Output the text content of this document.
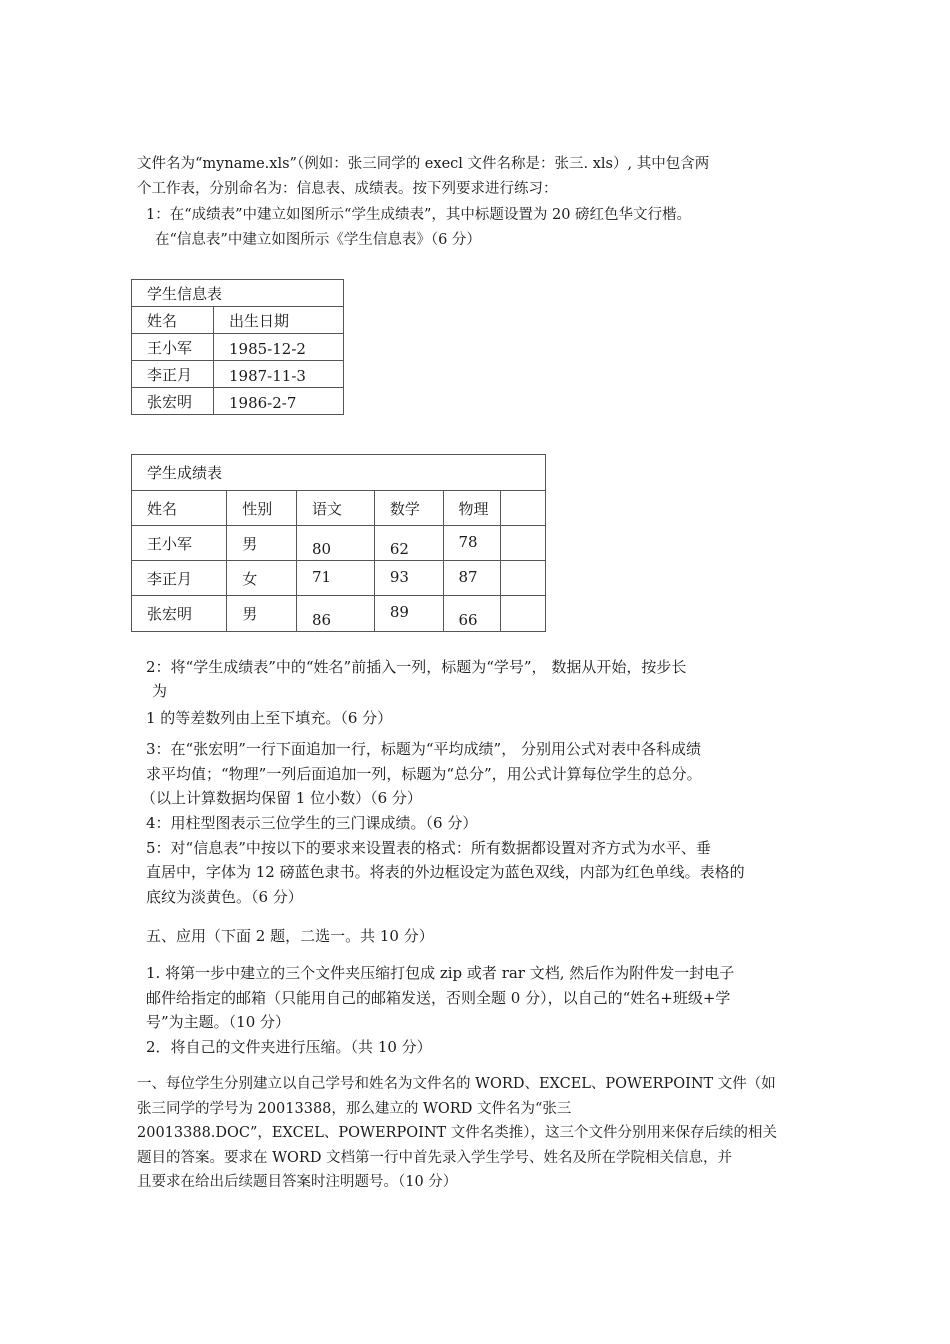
文件名为“myname.xls”（例如：张三同学的 execl 文件名称是：张三. xls）, 其中包含两
个工作表，分别命名为：信息表、成绩表。按下列要求进行练习：
1：在“成绩表”中建立如图所示“学生成绩表”，其中标题设置为 20 磅红色华文行楷。
在“信息表”中建立如图所示《学生信息表》（6 分）
学生信息表	
姓名	出生日期
王小军	1985-12-2
李正月	1987-11-3
张宏明	1986-2-7
学生成绩表					
姓名	性别	语文	数学	物理	
王小军	男	80	62	78	
李正月	女	71	93	87	
张宏明	男	86	89	66	
2：将“学生成绩表”中的“姓名”前插入一列，标题为“学号”， 数据从开始，按步长
为
1 的等差数列由上至下填充。（6 分）
3：在“张宏明”一行下面追加一行，标题为“平均成绩”， 分别用公式对表中各科成绩
求平均值；“物理”一列后面追加一列，标题为“总分”，用公式计算每位学生的总分。
（以上计算数据均保留 1 位小数）（6 分）
4：用柱型图表示三位学生的三门课成绩。（6 分）
5：对“信息表”中按以下的要求来设置表的格式：所有数据都设置对齐方式为水平、垂
直居中，字体为 12 磅蓝色隶书。将表的外边框设定为蓝色双线，内部为红色单线。表格的
底纹为淡黄色。（6 分）
五、应用（下面 2 题，二选一。共 10 分）
1. 将第一步中建立的三个文件夹压缩打包成 zip 或者 rar 文档, 然后作为附件发一封电子
邮件给指定的邮箱（只能用自己的邮箱发送，否则全题 0 分），以自己的“姓名+班级+学
号”为主题。（10 分）
2．将自己的文件夹进行压缩。（共 10 分）
一、每位学生分别建立以自己学号和姓名为文件名的 WORD、EXCEL、POWERPOINT 文件（如
张三同学的学号为 20013388，那么建立的 WORD 文件名为“张三
20013388.DOC”，EXCEL、POWERPOINT 文件名类推），这三个文件分别用来保存后续的相关
题目的答案。要求在 WORD 文档第一行中首先录入学生学号、姓名及所在学院相关信息，并
且要求在给出后续题目答案时注明题号。（10 分）
